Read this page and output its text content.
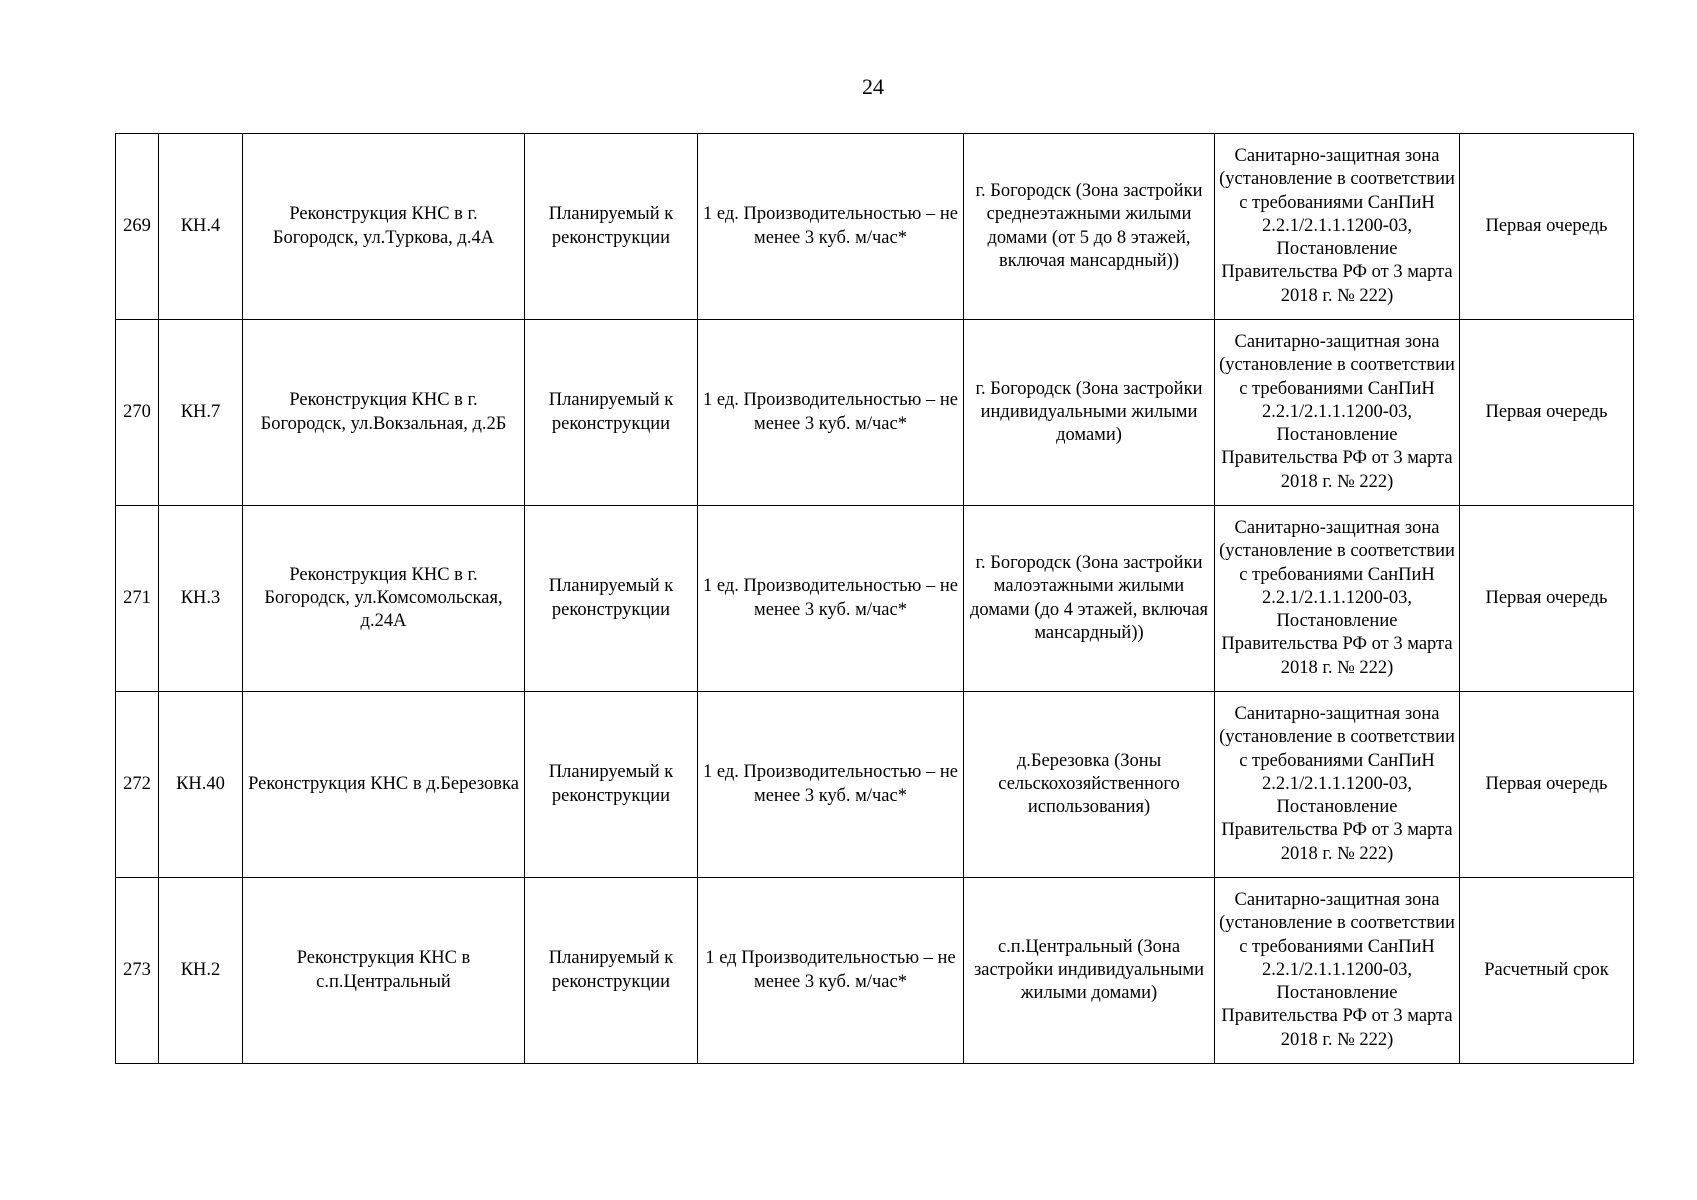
24
269	КН.4	Реконструкция КНС в г. Богородск, ул.Туркова, д.4А	Планируемый к реконструкции	1 ед. Производительностью – не менее 3 куб. м/час*	г. Богородск (Зона застройки среднеэтажными жилыми домами (от 5 до 8 этажей, включая мансардный))	Санитарно-защитная зона (установление в соответствии с требованиями СанПиН 2.2.1/2.1.1.1200-03, Постановление Правительства РФ от 3 марта 2018 г. № 222)	Первая очередь
270	КН.7	Реконструкция КНС в г. Богородск, ул.Вокзальная, д.2Б	Планируемый к реконструкции	1 ед. Производительностью – не менее 3 куб. м/час*	г. Богородск (Зона застройки индивидуальными жилыми домами)	Санитарно-защитная зона (установление в соответствии с требованиями СанПиН 2.2.1/2.1.1.1200-03, Постановление Правительства РФ от 3 марта 2018 г. № 222)	Первая очередь
271	КН.3	Реконструкция КНС в г. Богородск, ул.Комсомольская, д.24А	Планируемый к реконструкции	1 ед. Производительностью – не менее 3 куб. м/час*	г. Богородск (Зона застройки малоэтажными жилыми домами (до 4 этажей, включая мансардный))	Санитарно-защитная зона (установление в соответствии с требованиями СанПиН 2.2.1/2.1.1.1200-03, Постановление Правительства РФ от 3 марта 2018 г. № 222)	Первая очередь
272	КН.40	Реконструкция КНС в д.Березовка	Планируемый к реконструкции	1 ед. Производительностью – не менее 3 куб. м/час*	д.Березовка (Зоны сельскохозяйственного использования)	Санитарно-защитная зона (установление в соответствии с требованиями СанПиН 2.2.1/2.1.1.1200-03, Постановление Правительства РФ от 3 марта 2018 г. № 222)	Первая очередь
273	КН.2	Реконструкция КНС в с.п.Центральный	Планируемый к реконструкции	1 ед Производительностью – не менее 3 куб. м/час*	с.п.Центральный (Зона застройки индивидуальными жилыми домами)	Санитарно-защитная зона (установление в соответствии с требованиями СанПиН 2.2.1/2.1.1.1200-03, Постановление Правительства РФ от 3 марта 2018 г. № 222)	Расчетный срок
